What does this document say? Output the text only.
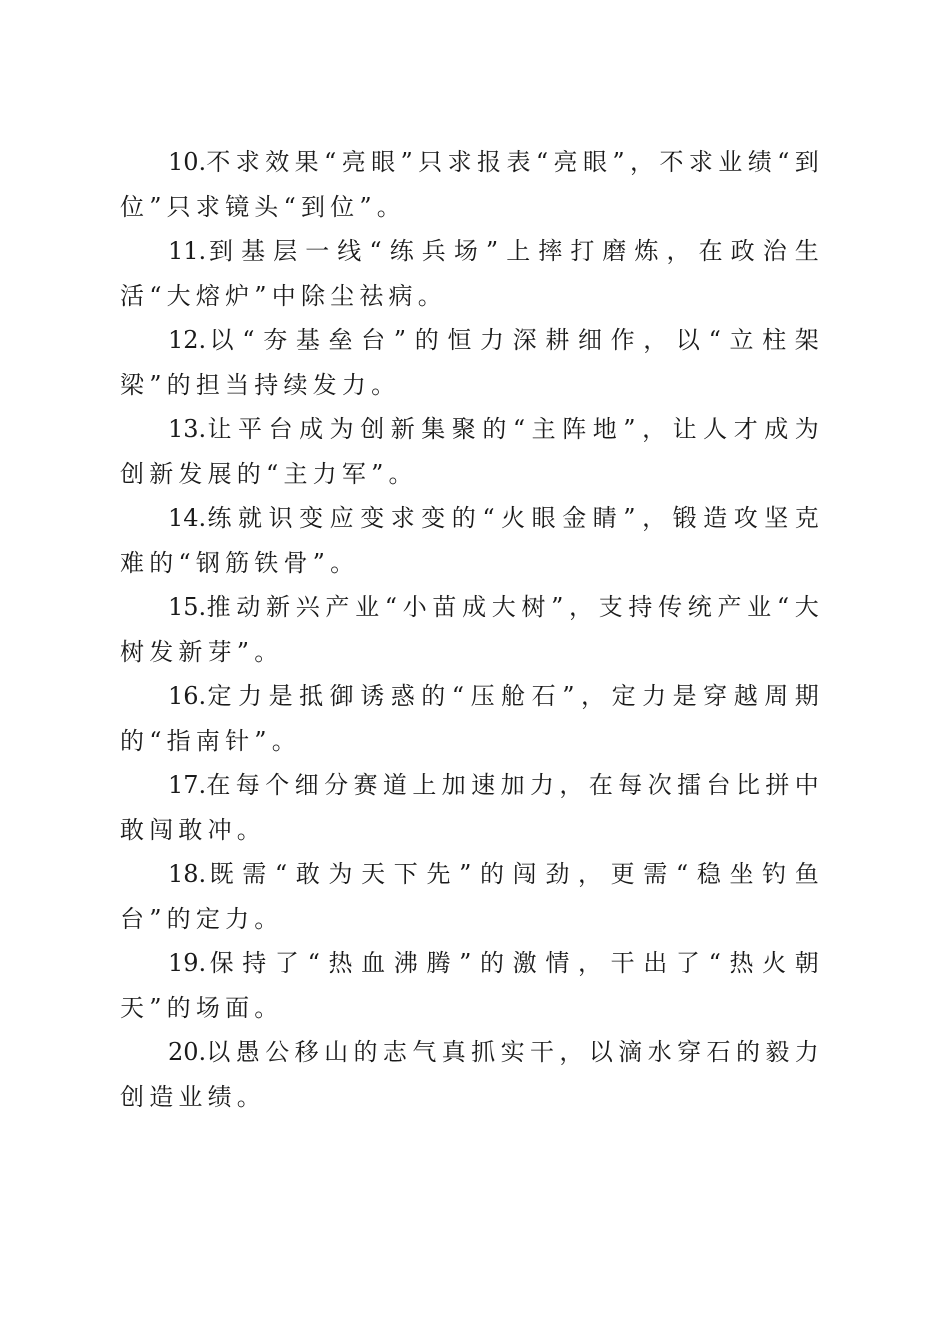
10.不求效果“亮眼”只求报表“亮眼”，不求业绩“到位”只求镜头“到位”。

11.到基层一线“练兵场”上摔打磨炼，在政治生活“大熔炉”中除尘祛病。

12.以“夯基垒台”的恒力深耕细作，以“立柱架梁”的担当持续发力。

13.让平台成为创新集聚的“主阵地”，让人才成为创新发展的“主力军”。

14.练就识变应变求变的“火眼金睛”，锻造攻坚克难的“钢筋铁骨”。

15.推动新兴产业“小苗成大树”，支持传统产业“大树发新芽”。

16.定力是抵御诱惑的“压舱石”，定力是穿越周期的“指南针”。

17.在每个细分赛道上加速加力，在每次擂台比拼中敢闯敢冲。

18.既需“敢为天下先”的闯劲，更需“稳坐钓鱼台”的定力。

19.保持了“热血沸腾”的激情，干出了“热火朝天”的场面。

20.以愚公移山的志气真抓实干，以滴水穿石的毅力创造业绩。
